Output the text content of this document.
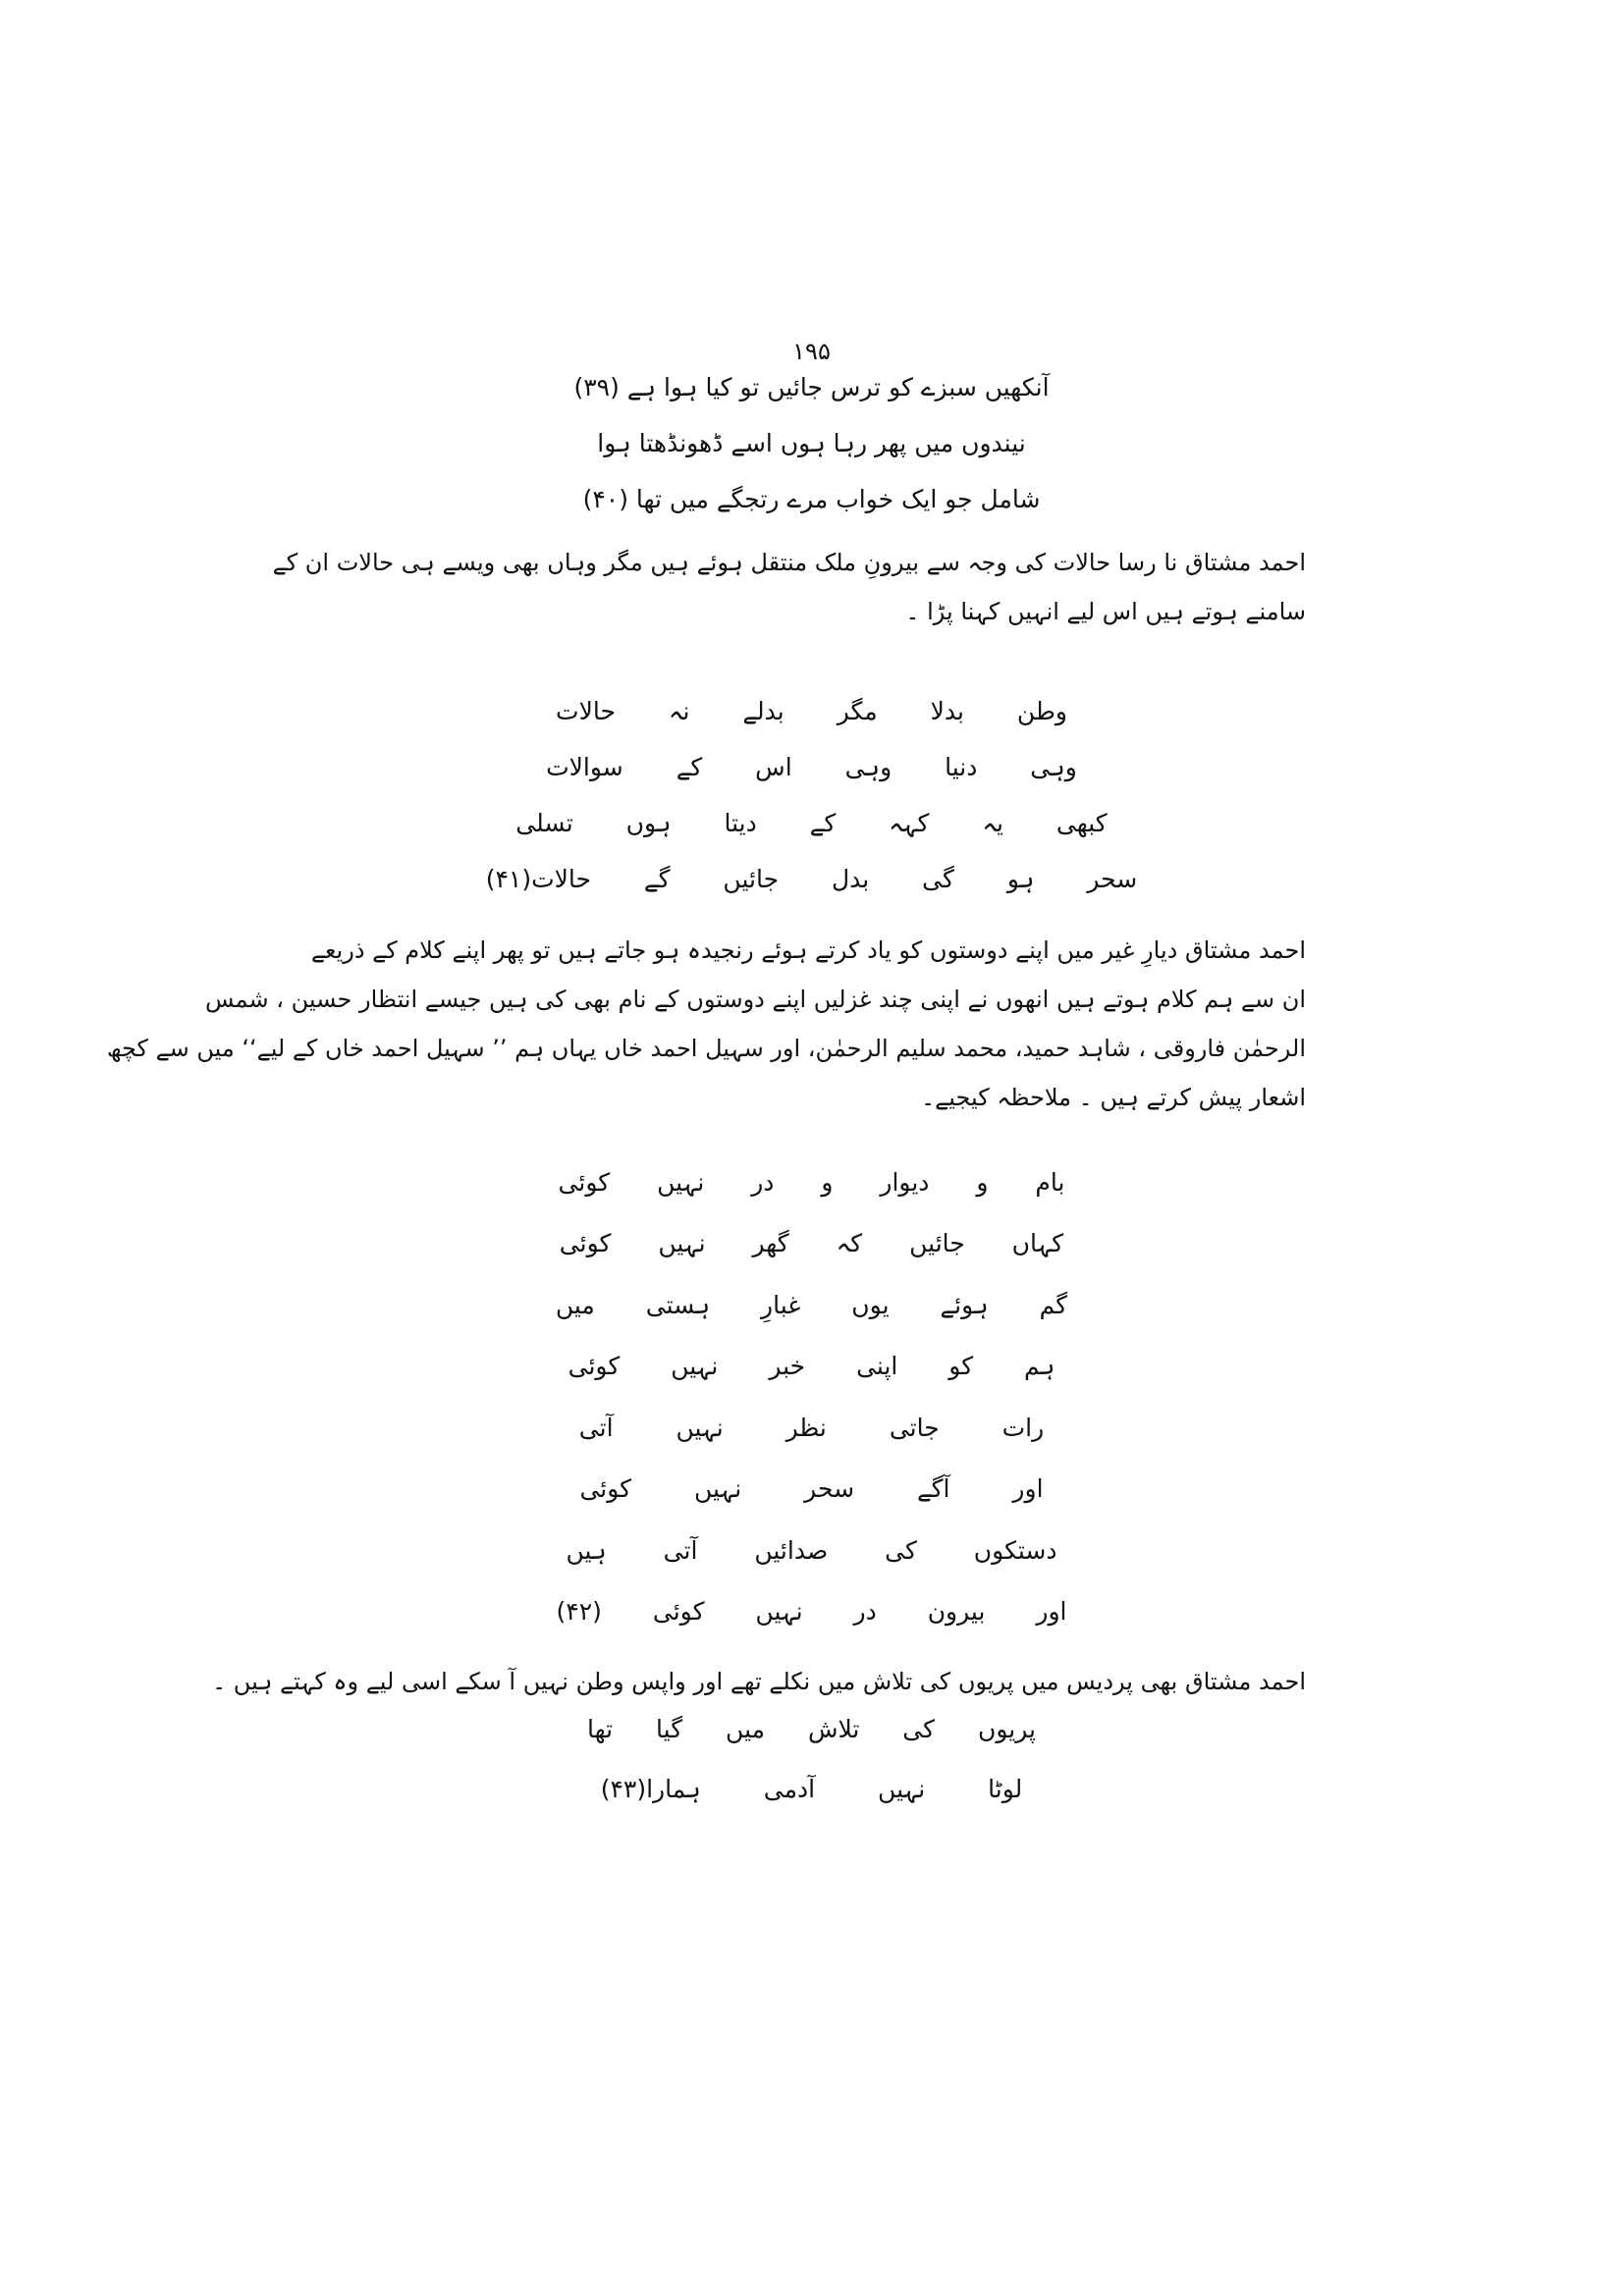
۱۹۵
آنکھیں سبزے کو ترس جائیں تو کیا ہوا ہے (۳۹)
نیندوں میں پھر رہا ہوں اسے ڈھونڈھتا ہوا
شامل جو ایک خواب مرے رتجگے میں تھا (۴۰)
احمد مشتاق نا رسا حالات کی وجہ سے بیرونِ ملک منتقل ہوئے ہیں مگر وہاں بھی ویسے ہی حالات ان کے
سامنے ہوتے ہیں اس لیے انہیں کہنا پڑا ۔
وطن بدلا مگر بدلے نہ حالات
وہی دنیا وہی اس کے سوالات
کبھی یہ کہہ کے دیتا ہوں تسلی
سحر ہو گی بدل جائیں گے حالات(۴۱)
احمد مشتاق دیارِ غیر میں اپنے دوستوں کو یاد کرتے ہوئے رنجیدہ ہو جاتے ہیں تو پھر اپنے کلام کے ذریعے
ان سے ہم کلام ہوتے ہیں انھوں نے اپنی چند غزلیں اپنے دوستوں کے نام بھی کی ہیں جیسے انتظار حسین ، شمس
الرحمٰن فاروقی ، شاہد حمید، محمد سلیم الرحمٰن، اور سہیل احمد خاں یہاں ہم ’’ سہیل احمد خاں کے لیے‘‘ میں سے کچھ
اشعار پیش کرتے ہیں ۔ ملاحظہ کیجیے۔
بام و دیوار و در نہیں کوئی
کہاں جائیں کہ گھر نہیں کوئی
گم ہوئے یوں غبارِ ہستی میں
ہم کو اپنی خبر نہیں کوئی
رات جاتی نظر نہیں آتی
اور آگے سحر نہیں کوئی
دستکوں کی صدائیں آتی ہیں
اور بیرون در نہیں کوئی (۴۲)
احمد مشتاق بھی پردیس میں پریوں کی تلاش میں نکلے تھے اور واپس وطن نہیں آ سکے اسی لیے وہ کہتے ہیں ۔
پریوں کی تلاش میں گیا تھا
لوٹا نہیں آدمی ہمارا(۴۳)
